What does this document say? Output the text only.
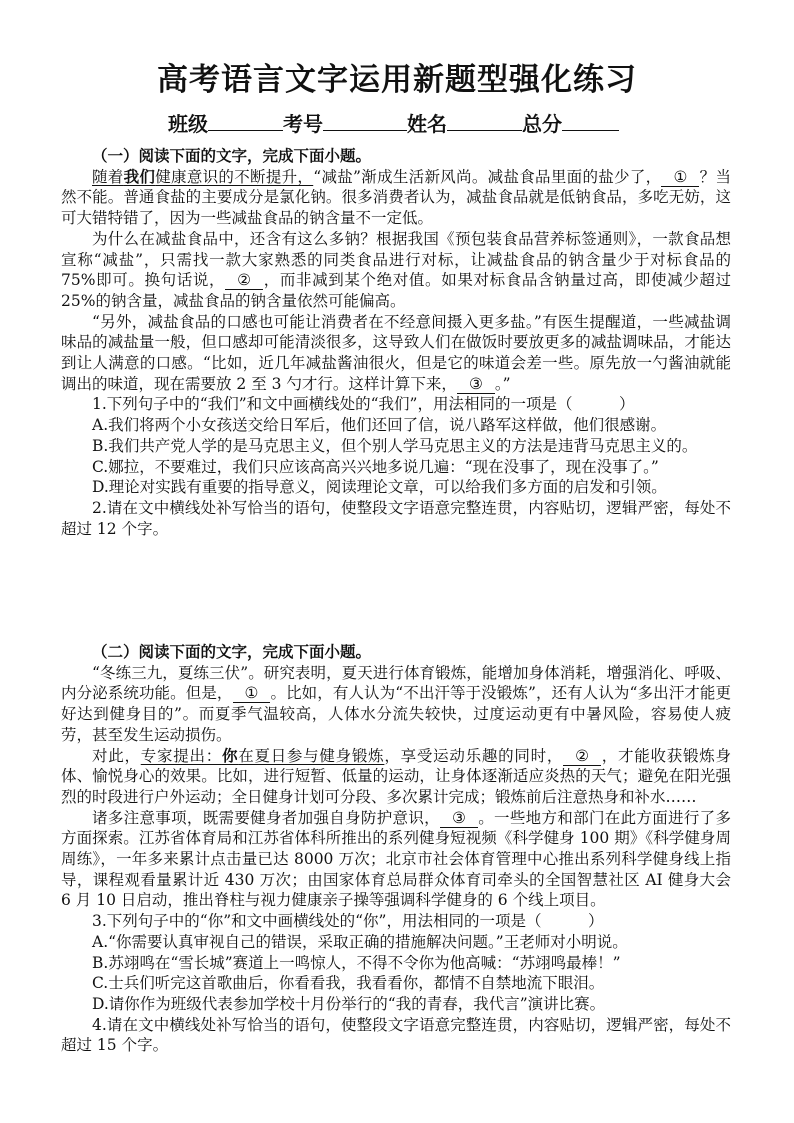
高考语言文字运用新题型强化练习
班级	考号	姓名	总分

（一）阅读下面的文字，完成下面小题。

随着我们健康意识的不断提升，“减盐”渐成生活新风尚。减盐食品里面的盐少了， ① ？当然不能。普通食盐的主要成分是氯化钠。很多消费者认为，减盐食品就是低钠食品，多吃无妨，这可大错特错了，因为一些减盐食品的钠含量不一定低。

为什么在减盐食品中，还含有这么多钠？根据我国《预包装食品营养标签通则》，一款食品想宣称“减盐”，只需找一款大家熟悉的同类食品进行对标，让减盐食品的钠含量少于对标食品的 75%即可。换句话说， ② ，而非减到某个绝对值。如果对标食品含钠量过高，即使减少超过 25%的钠含量，减盐食品的钠含量依然可能偏高。

“另外，减盐食品的口感也可能让消费者在不经意间摄入更多盐。”有医生提醒道，一些减盐调味品的减盐量一般，但口感却可能清淡很多，这导致人们在做饭时要放更多的减盐调味品，才能达到让人满意的口感。“比如，近几年减盐酱油很火，但是它的味道会差一些。原先放一勺酱油就能调出的味道，现在需要放 2 至 3 勺才行。这样计算下来， ③ 。”

1.下列句子中的“我们”和文中画横线处的“我们”，用法相同的一项是（　　　）

A.我们将两个小女孩送交给日军后，他们还回了信，说八路军这样做，他们很感谢。

B.我们共产党人学的是马克思主义，但个别人学马克思主义的方法是违背马克思主义的。

C.娜拉，不要难过，我们只应该高高兴兴地多说几遍：“现在没事了，现在没事了。”

D.理论对实践有重要的指导意义，阅读理论文章，可以给我们多方面的启发和引领。

2.请在文中横线处补写恰当的语句，使整段文字语意完整连贯，内容贴切，逻辑严密，每处不超过 12 个字。

（二）阅读下面的文字，完成下面小题。

“冬练三九，夏练三伏”。研究表明，夏天进行体育锻炼，能增加身体消耗，增强消化、呼吸、内分泌系统功能。但是， ① 。比如，有人认为“不出汗等于没锻炼”，还有人认为“多出汗才能更好达到健身目的”。而夏季气温较高，人体水分流失较快，过度运动更有中暑风险，容易使人疲劳，甚至发生运动损伤。

对此，专家提出：你在夏日参与健身锻炼，享受运动乐趣的同时， ② ，才能收获锻炼身体、愉悦身心的效果。比如，进行短暂、低量的运动，让身体逐渐适应炎热的天气；避免在阳光强烈的时段进行户外运动；全日健身计划可分段、多次累计完成；锻炼前后注意热身和补水……

诸多注意事项，既需要健身者加强自身防护意识， ③ 。一些地方和部门在此方面进行了多方面探索。江苏省体育局和江苏省体科所推出的系列健身短视频《科学健身 100 期》《科学健身周周练》，一年多来累计点击量已达 8000 万次；北京市社会体育管理中心推出系列科学健身线上指导，课程观看量累计近 430 万次；由国家体育总局群众体育司牵头的全国智慧社区 AI 健身大会 6 月 10 日启动，推出脊柱与视力健康亲子操等强调科学健身的 6 个线上项目。

3.下列句子中的“你”和文中画横线处的“你”，用法相同的一项是（　　　）

A.“你需要认真审视自己的错误，采取正确的措施解决问题。”王老师对小明说。

B.苏翊鸣在“雪长城”赛道上一鸣惊人，不得不令你为他高喊：“苏翊鸣最棒！”

C.士兵们听完这首歌曲后，你看看我，我看看你，都情不自禁地流下眼泪。

D.请你作为班级代表参加学校十月份举行的“我的青春，我代言”演讲比赛。

4.请在文中横线处补写恰当的语句，使整段文字语意完整连贯，内容贴切，逻辑严密，每处不超过 15 个字。
